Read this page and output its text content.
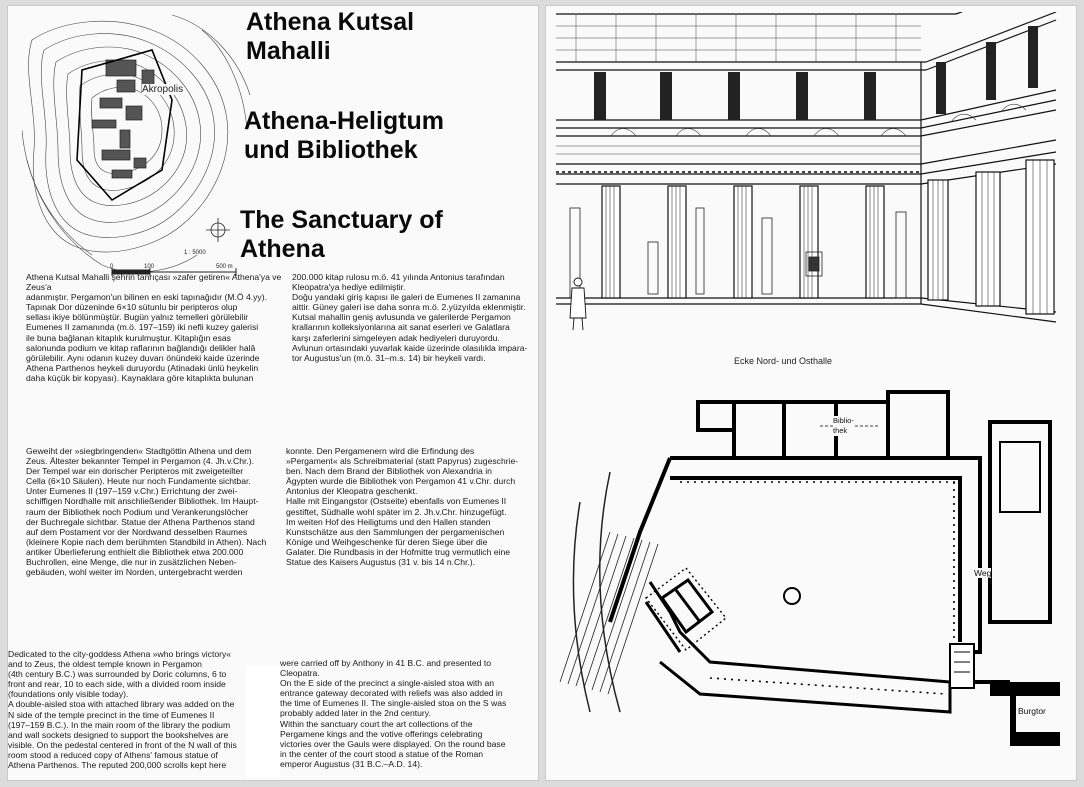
Akropolis
1 : 5000
0	100	500 m
Athena Kutsal
Mahalli
Athena-Heligtum
und Bibliothek
The Sanctuary of
Athena

Athena Kutsal Mahalli şehrin tanrıçası »zafer getiren« Athena'ya ve Zeus'a
adanmıştır. Pergamon'un bilinen en eski tapınağıdır (M.Ö 4.yy).
Tapınak Dor düzeninde 6×10 sütunlu bir peripteros olup
sellası ikiye bölünmüştür. Bugün yalnız temelleri görülebilir
Eumenes II zamanında (m.ö. 197–159) iki nefli kuzey galerisi
ile buna bağlanan kitaplık kurulmuştur. Kitaplığın esas
salonunda podium ve kitap raflarının bağlandığı delikler halâ
görülebilir. Aynı odanın kuzey duvarı önündeki kaide üzerinde
Athena Parthenos heykeli duruyordu (Atinadaki ünlü heykelin
daha küçük bir kopyası). Kaynaklara göre kitaplıkta bulunan

200.000 kitap rulosu m.ö. 41 yılında Antonius tarafından
Kleopatra'ya hediye edilmiştir.
Doğu yandaki giriş kapısı ile galeri de Eumenes II zamanına
aittir. Güney galeri ise daha sonra m.ö. 2.yüzyılda eklenmiştir.
Kutsal mahallin geniş avlusunda ve galerilerde Pergamon
krallarının kolleksiyonlarına ait sanat eserleri ve Galatlara
karşı zaferlerini simgeleyen adak hediyeleri duruyordu.
Avlunun ortasındaki yuvarlak kaide üzerinde olasılıkla impara-
tor Augustus'un (m.ö. 31–m.s. 14) bir heykeli vardı.

Geweiht der »siegbringenden« Stadtgöttin Athena und dem
Zeus. Ältester bekannter Tempel in Pergamon (4. Jh.v.Chr.).
Der Tempel war ein dorischer Peripteros mit zweigeteilter
Cella (6×10 Säulen). Heute nur noch Fundamente sichtbar.
Unter Eumenes II (197–159 v.Chr.) Errichtung der zwei-
schiffigen Nordhalle mit anschließender Bibliothek. Im Haupt-
raum der Bibliothek noch Podium und Verankerungslöcher
der Buchregale sichtbar. Statue der Athena Parthenos stand
auf dem Postament vor der Nordwand desselben Raumes
(kleinere Kopie nach dem berühmten Standbild in Athen). Nach
antiker Überlieferung enthielt die Bibliothek etwa 200.000
Buchrollen, eine Menge, die nur in zusätzlichen Neben-
gebäuden, wohl weiter im Norden, untergebracht werden

konnte. Den Pergamenern wird die Erfindung des
»Pergament« als Schreibmaterial (statt Papyrus) zugeschrie-
ben. Nach dem Brand der Bibliothek von Alexandria in
Ägypten wurde die Bibliothek von Pergamon 41 v.Chr. durch
Antonius der Kleopatra geschenkt.
Halle mit Eingangstor (Ostseite) ebenfalls von Eumenes II
gestiftet, Südhalle wohl später im 2. Jh.v.Chr. hinzugefügt.
Im weiten Hof des Heiligtums und den Hallen standen
Kunstschätze aus den Sammlungen der pergamenischen
Könige und Weihgeschenke für deren Siege über die
Galater. Die Rundbasis in der Hofmitte trug vermutlich eine
Statue des Kaisers Augustus (31 v. bis 14 n.Chr.).

Dedicated to the city-goddess Athena »who brings victory«
and to Zeus, the oldest temple known in Pergamon
(4th century B.C.) was surrounded by Doric columns, 6 to
front and rear, 10 to each side, with a divided room inside
(foundations only visible today).
A double-aisled stoa with attached library was added on the
N side of the temple precinct in the time of Eumenes II
(197–159 B.C.). In the main room of the library the podium
and wall sockets designed to support the bookshelves are
visible. On the pedestal centered in front of the N wall of this
room stood a reduced copy of Athens' famous statue of
Athena Parthenos. The reputed 200,000 scrolls kept here

were carried off by Anthony in 41 B.C. and presented to
Cleopatra.
On the E side of the precinct a single-aisled stoa with an
entrance gateway decorated with reliefs was also added in
the time of Eumenes II. The single-aisled stoa on the S was
probably added later in the 2nd century.
Within the sanctuary court the art collections of the
Pergamene kings and the votive offerings celebrating
victories over the Gauls were displayed. On the round base
in the center of the court stood a statue of the Roman
emperor Augustus (31 B.C.–A.D. 14).

Ecke Nord- und Osthalle
Biblio-
thek
Weg
Burgtor
